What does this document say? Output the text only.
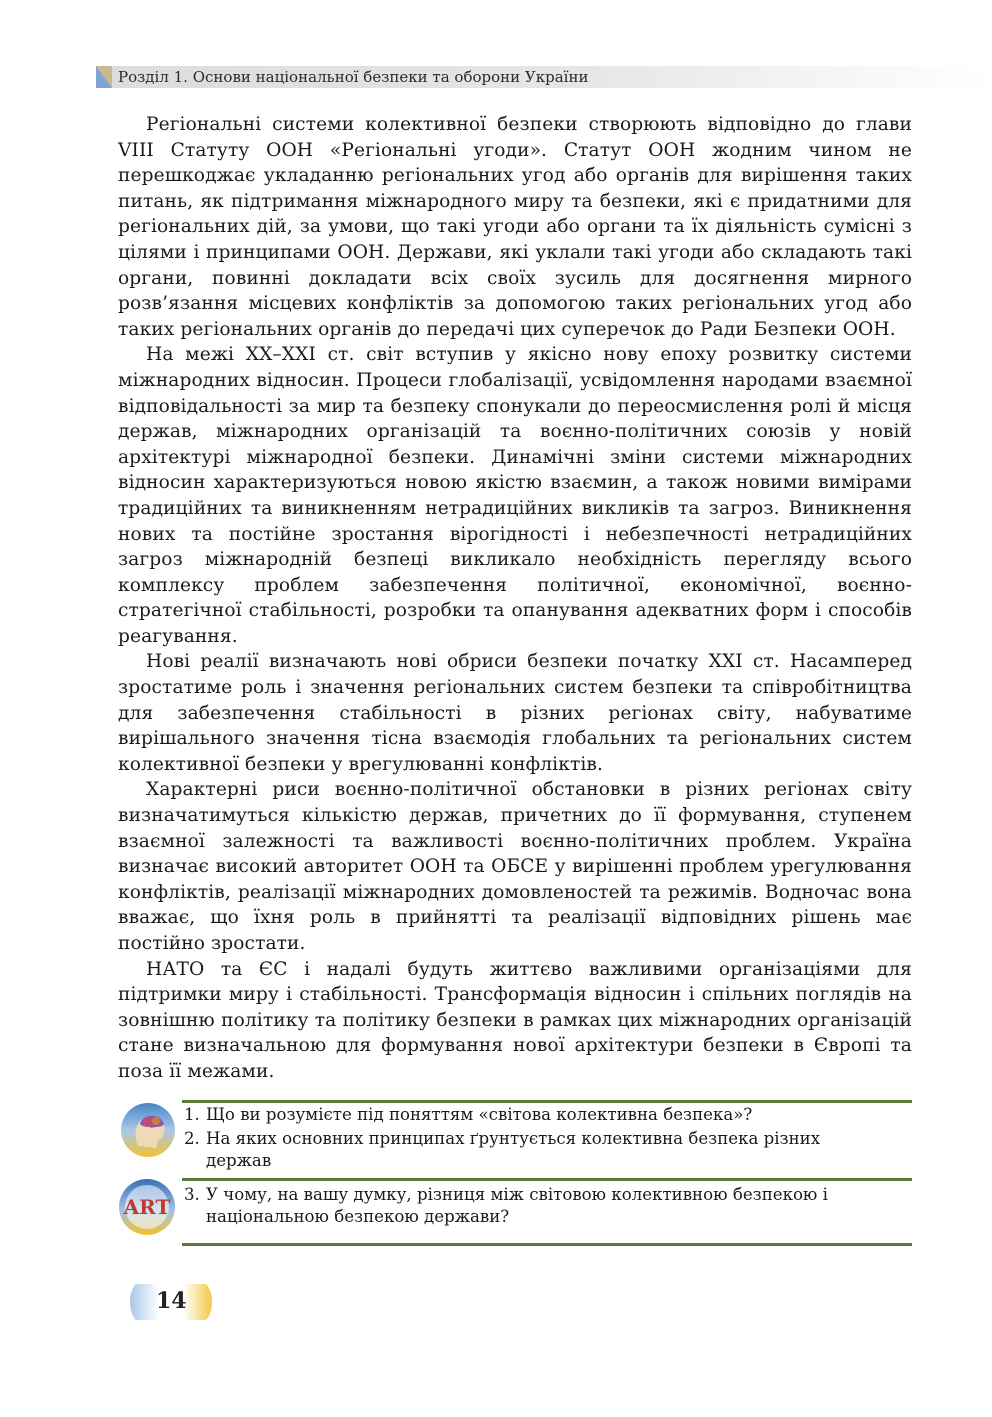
Розділ 1. Основи національної безпеки та оборони України

Регіональні системи колективної безпеки створюють відповідно до глави VIII Статуту ООН «Регіональні угоди». Статут ООН жодним чином не перешкоджає укладанню регіональних угод або органів для вирішення таких питань, як підтримання міжнародного миру та безпеки, які є придатними для регіональних дій, за умови, що такі угоди або органи та їх діяльність сумісні з цілями і принципами ООН. Держави, які уклали такі угоди або складають такі органи, повинні докладати всіх своїх зусиль для досягнення мирного розв’язання місцевих конфліктів за допомогою таких регіональних угод або таких регіональних органів до передачі цих суперечок до Ради Безпеки ООН.

На межі XX–XXI ст. світ вступив у якісно нову епоху розвитку системи міжнародних відносин. Процеси глобалізації, усвідомлення народами взаємної відповідальності за мир та безпеку спонукали до переосмислення ролі й місця держав, міжнародних організацій та воєнно-політичних союзів у новій архітектурі міжнародної безпеки. Динамічні зміни системи міжнародних відносин характеризуються новою якістю взаємин, а також новими вимірами традиційних та виникненням нетрадиційних викликів та загроз. Виникнення нових та постійне зростання вірогідності і небезпечності нетрадиційних загроз міжнародній безпеці викликало необхідність перегляду всього комплексу проблем забезпечення політичної, економічної, воєнно-стратегічної стабільності, розробки та опанування адекватних форм і способів реагування.

Нові реалії визначають нові обриси безпеки початку XXI ст. Насамперед зростатиме роль і значення регіональних систем безпеки та співробітництва для забезпечення стабільності в різних регіонах світу, набуватиме вирішального значення тісна взаємодія глобальних та регіональних систем колективної безпеки у врегулюванні конфліктів.

Характерні риси воєнно-політичної обстановки в різних регіонах світу визначатимуться кількістю держав, причетних до її формування, ступенем взаємної залежності та важливості воєнно-політичних проблем. Україна визначає високий авторитет ООН та ОБСЕ у вирішенні проблем урегулювання конфліктів, реалізації міжнародних домовленостей та режимів. Водночас вона вважає, що їхня роль в прийнятті та реалізації відповідних рішень має постійно зростати.

НАТО та ЄС і надалі будуть життєво важливими організаціями для підтримки миру і стабільності. Трансформація відносин і спільних поглядів на зовнішню політику та політику безпеки в рамках цих міжнародних організацій стане визначальною для формування нової архітектури безпеки в Європі та поза її межами.

ART

1. Що ви розумієте під поняттям «світова колективна безпека»?

2. На яких основних принципах ґрунтується колективна безпека різних
держав

3. У чому, на вашу думку, різниця між світовою колективною безпекою і
національною безпекою держави?

14
